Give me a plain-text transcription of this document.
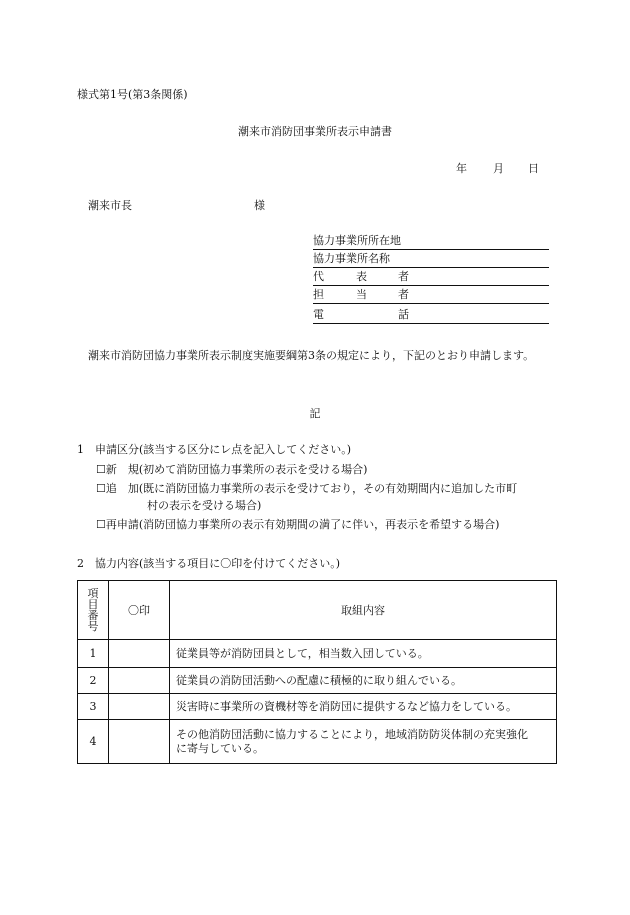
様式第1号(第3条関係)
潮来市消防団事業所表示申請書
年 月 日
潮来市長	様
協力事業所所在地
協力事業所名称
代	表	者
担	当	者
電	話
潮来市消防団協力事業所表示制度実施要綱第3条の規定により，下記のとおり申請します。
記
1　申請区分(該当する区分にレ点を記入してください。)
☐新　規(初めて消防団協力事業所の表示を受ける場合)
☐追　加(既に消防団協力事業所の表示を受けており，その有効期間内に追加した市町
村の表示を受ける場合)
☐再申請(消防団協力事業所の表示有効期間の満了に伴い，再表示を希望する場合)
2　協力内容(該当する項目に〇印を付けてください。)
項目番号	〇印	取組内容
1		従業員等が消防団員として，相当数入団している。
2		従業員の消防団活動への配慮に積極的に取り組んでいる。
3		災害時に事業所の資機材等を消防団に提供するなど協力をしている。
4		その他消防団活動に協力することにより，地域消防防災体制の充実強化
に寄与している。
